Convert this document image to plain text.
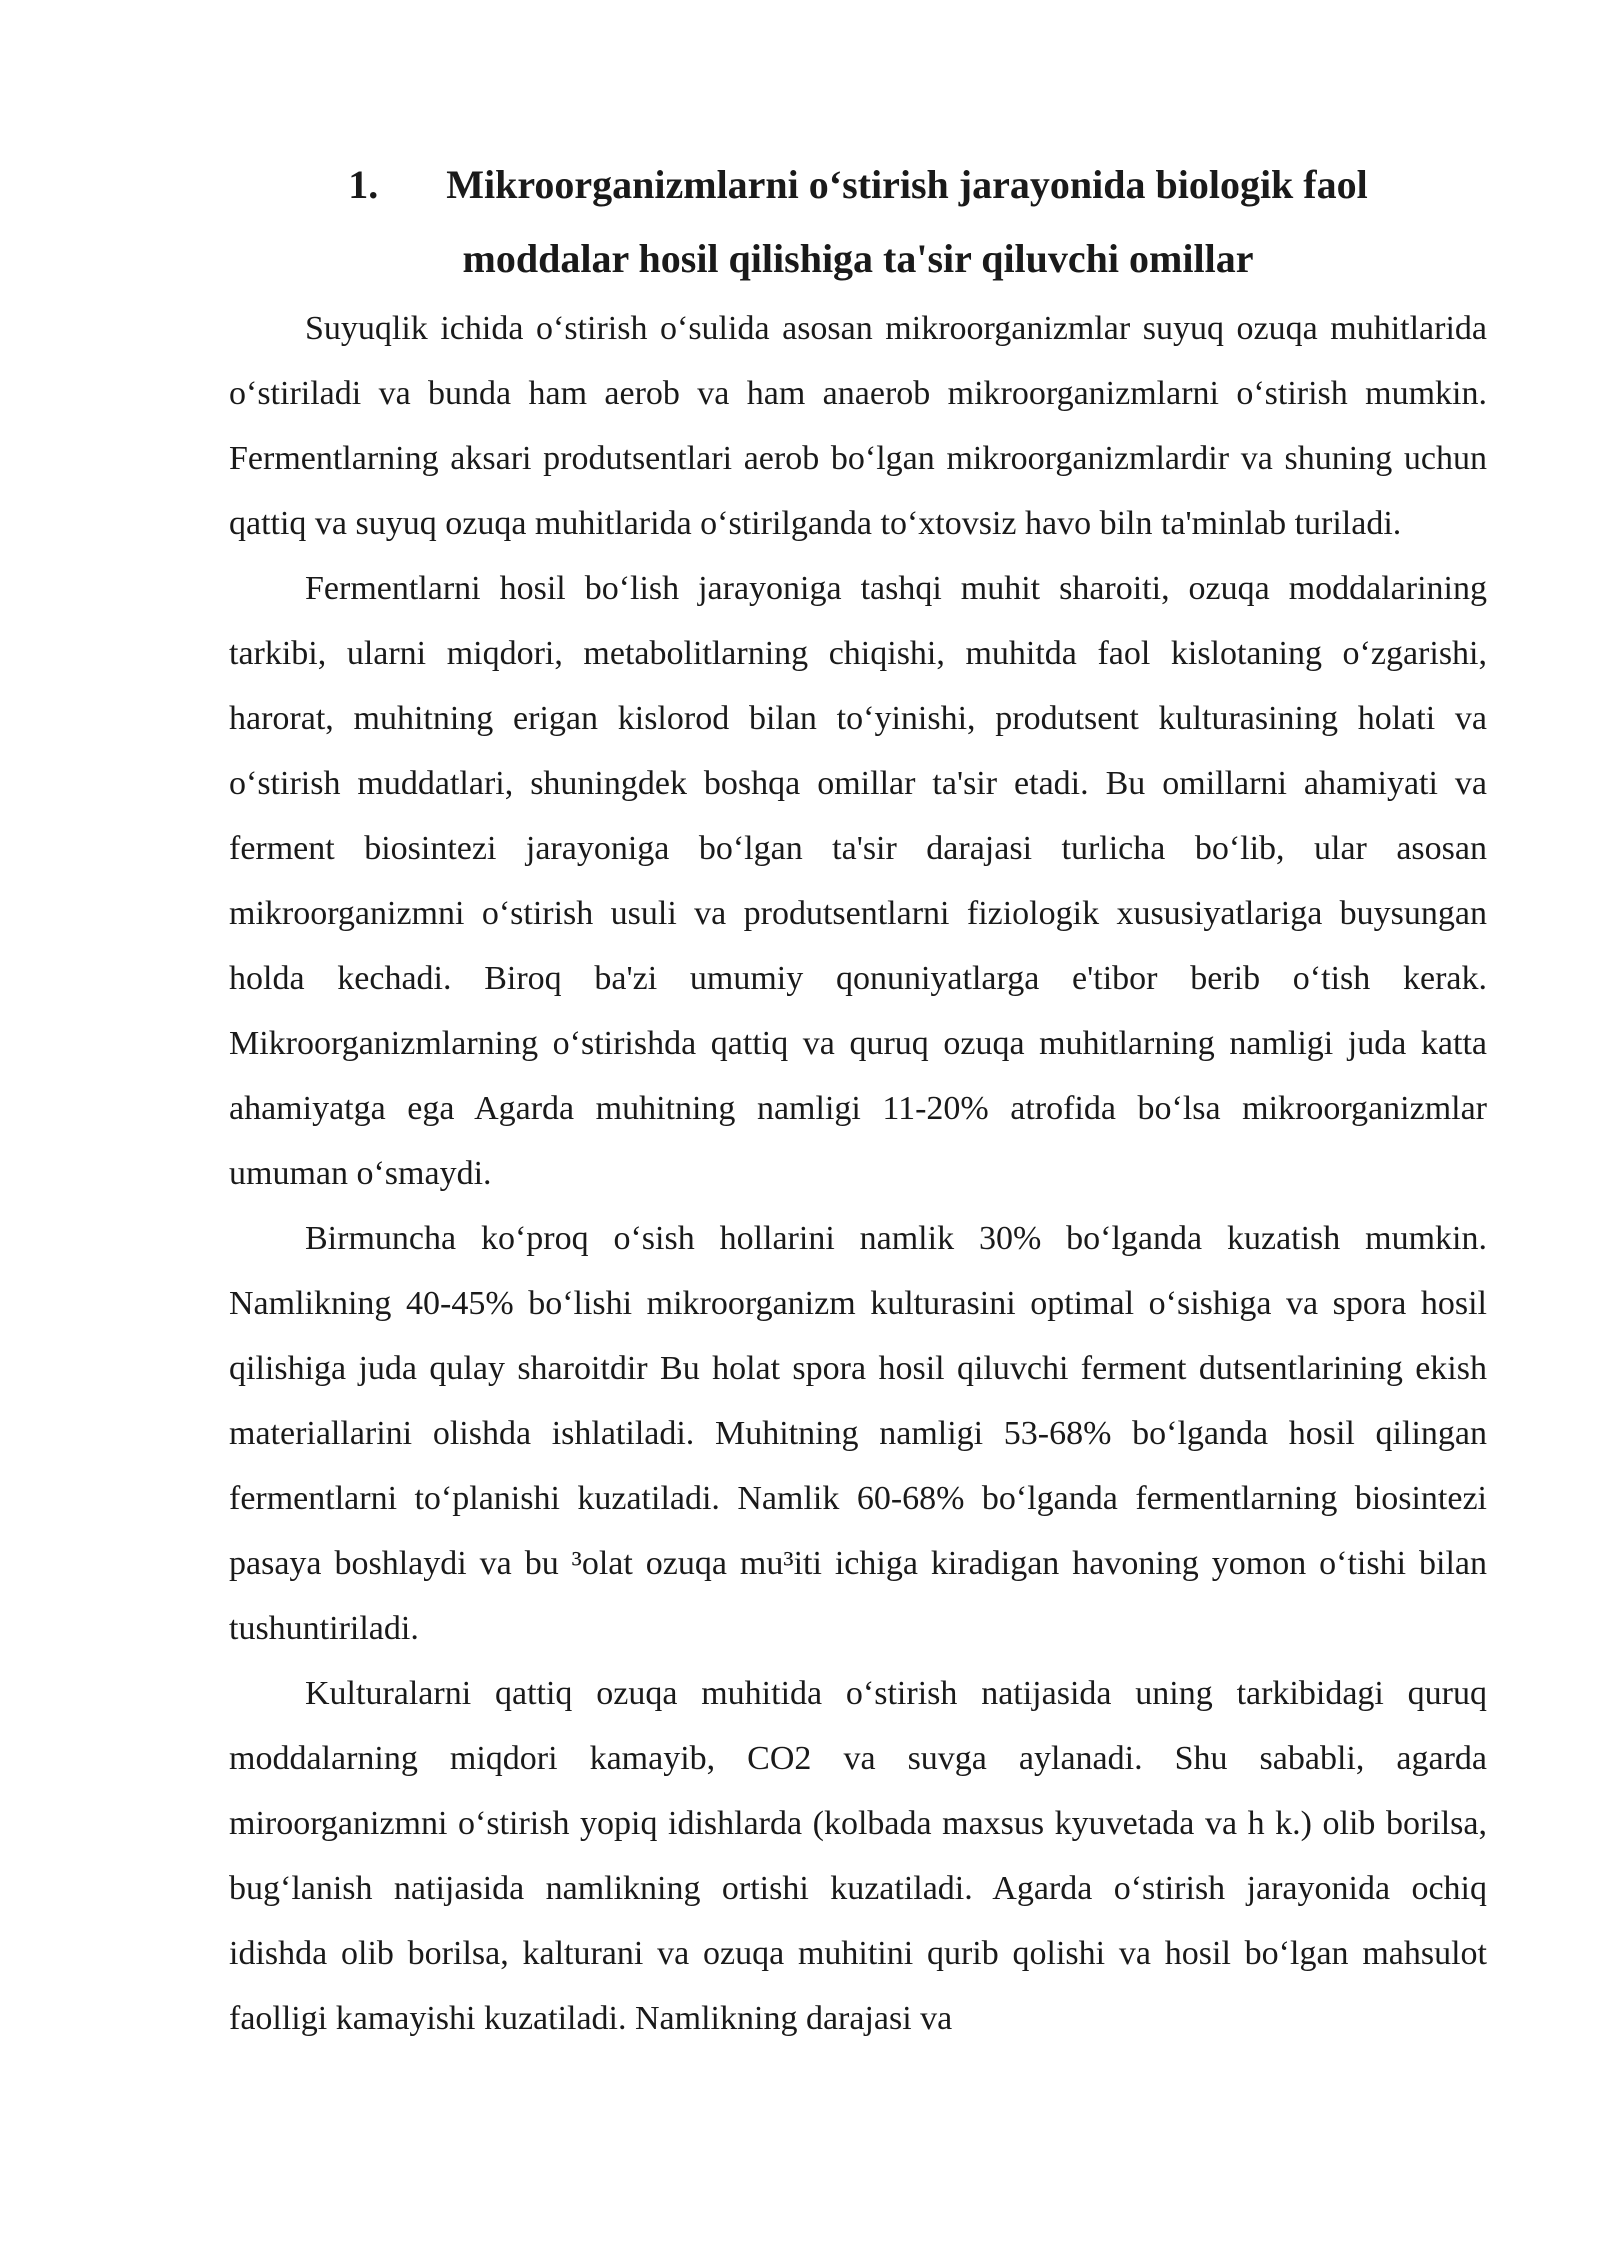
1. Mikroorganizmlarni o‘stirish jarayonida biologik faol
moddalar hosil qilishiga ta'sir qiluvchi omillar

Suyuqlik ichida o‘stirish o‘sulida asosan mikroorganizmlar suyuq ozuqa muhitlarida o‘stiriladi va bunda ham aerob va ham anaerob mikroorganizmlarni o‘stirish mumkin. Fermentlarning aksari produtsentlari aerob bo‘lgan mikroorganizmlardir va shuning uchun qattiq va suyuq ozuqa muhitlarida o‘stirilganda to‘xtovsiz havo biln ta'minlab turiladi.

Fermentlarni hosil bo‘lish jarayoniga tashqi muhit sharoiti, ozuqa moddalarining tarkibi, ularni miqdori, metabolitlarning chiqishi, muhitda faol kislotaning o‘zgarishi, harorat, muhitning erigan kislorod bilan to‘yinishi, produtsent kulturasining holati va o‘stirish muddatlari, shuningdek boshqa omillar ta'sir etadi. Bu omillarni ahamiyati va ferment biosintezi jarayoniga bo‘lgan ta'sir darajasi turlicha bo‘lib, ular asosan mikroorganizmni o‘stirish usuli va produtsentlarni fiziologik xususiyatlariga buysungan holda kechadi. Biroq ba'zi umumiy qonuniyatlarga e'tibor berib o‘tish kerak. Mikroorganizmlarning o‘stirishda qattiq va quruq ozuqa muhitlarning namligi juda katta ahamiyatga ega Agarda muhitning namligi 11-20% atrofida bo‘lsa mikroorganizmlar umuman o‘smaydi.

Birmuncha ko‘proq o‘sish hollarini namlik 30% bo‘lganda kuzatish mumkin. Namlikning 40-45% bo‘lishi mikroorganizm kulturasini optimal o‘sishiga va spora hosil qilishiga juda qulay sharoitdir Bu holat spora hosil qiluvchi ferment dutsentlarining ekish materiallarini olishda ishlatiladi. Muhitning namligi 53-68% bo‘lganda hosil qilingan fermentlarni to‘planishi kuzatiladi. Namlik 60-68% bo‘lganda fermentlarning biosintezi pasaya boshlaydi va bu ³olat ozuqa mu³iti ichiga kiradigan havoning yomon o‘tishi bilan tushuntiriladi.

Kulturalarni qattiq ozuqa muhitida o‘stirish natijasida uning tarkibidagi quruq moddalarning miqdori kamayib, CO2 va suvga aylanadi. Shu sababli, agarda miroorganizmni o‘stirish yopiq idishlarda (kolbada maxsus kyuvetada va h k.) olib borilsa, bug‘lanish natijasida namlikning ortishi kuzatiladi. Agarda o‘stirish jarayonida ochiq idishda olib borilsa, kalturani va ozuqa muhitini qurib qolishi va hosil bo‘lgan mahsulot faolligi kamayishi kuzatiladi. Namlikning darajasi va
